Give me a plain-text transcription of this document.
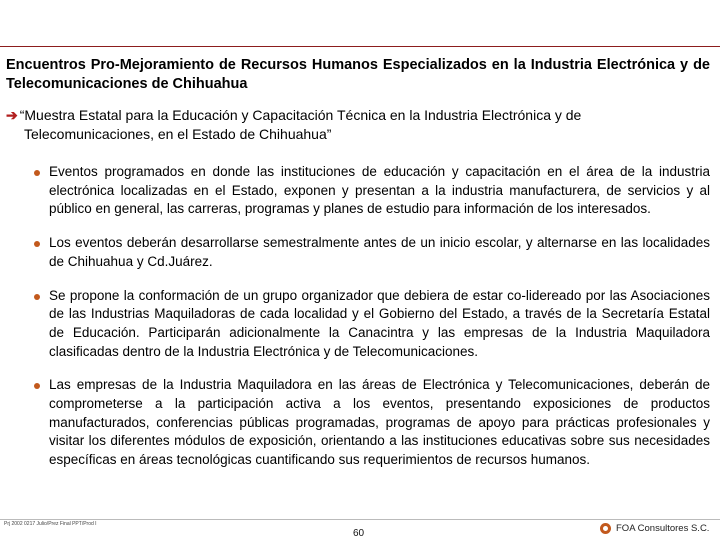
Encuentros Pro-Mejoramiento de Recursos Humanos Especializados en la Industria Electrónica y de Telecomunicaciones de Chihuahua
➔ “Muestra Estatal para la Educación y Capacitación Técnica en la Industria Electrónica y de
Telecomunicaciones, en el Estado de Chihuahua”
Eventos programados en donde las instituciones de educación y capacitación en el área de la industria electrónica localizadas en el Estado, exponen y presentan a la industria manufacturera, de servicios y al público en general, las carreras, programas y planes de estudio para información de los interesados.
Los eventos deberán desarrollarse semestralmente antes de un inicio escolar, y alternarse en las localidades de Chihuahua y Cd.Juárez.
Se propone la conformación de un grupo organizador que debiera de estar co-lidereado por las Asociaciones de las Industrias Maquiladoras de cada localidad y el Gobierno del Estado, a través de la Secretaría Estatal de Educación. Participarán adicionalmente la Canacintra y las empresas de la Industria Maquiladora clasificadas dentro de la Industria Electrónica y de Telecomunicaciones.
Las empresas de la Industria Maquiladora en las áreas de Electrónica y Telecomunicaciones, deberán de comprometerse a la participación activa a los eventos, presentando exposiciones de productos manufacturados, conferencias públicas programadas, programas de apoyo para prácticas profesionales y visitar los diferentes módulos de exposición, orientando a las instituciones educativas sobre sus necesidades específicas en áreas tecnológicas cuantificando sus requerimientos de recursos humanos.
Prj 2002 0217 Julio/Prez Final PPT/Prod I
60	FOA Consultores S.C.
